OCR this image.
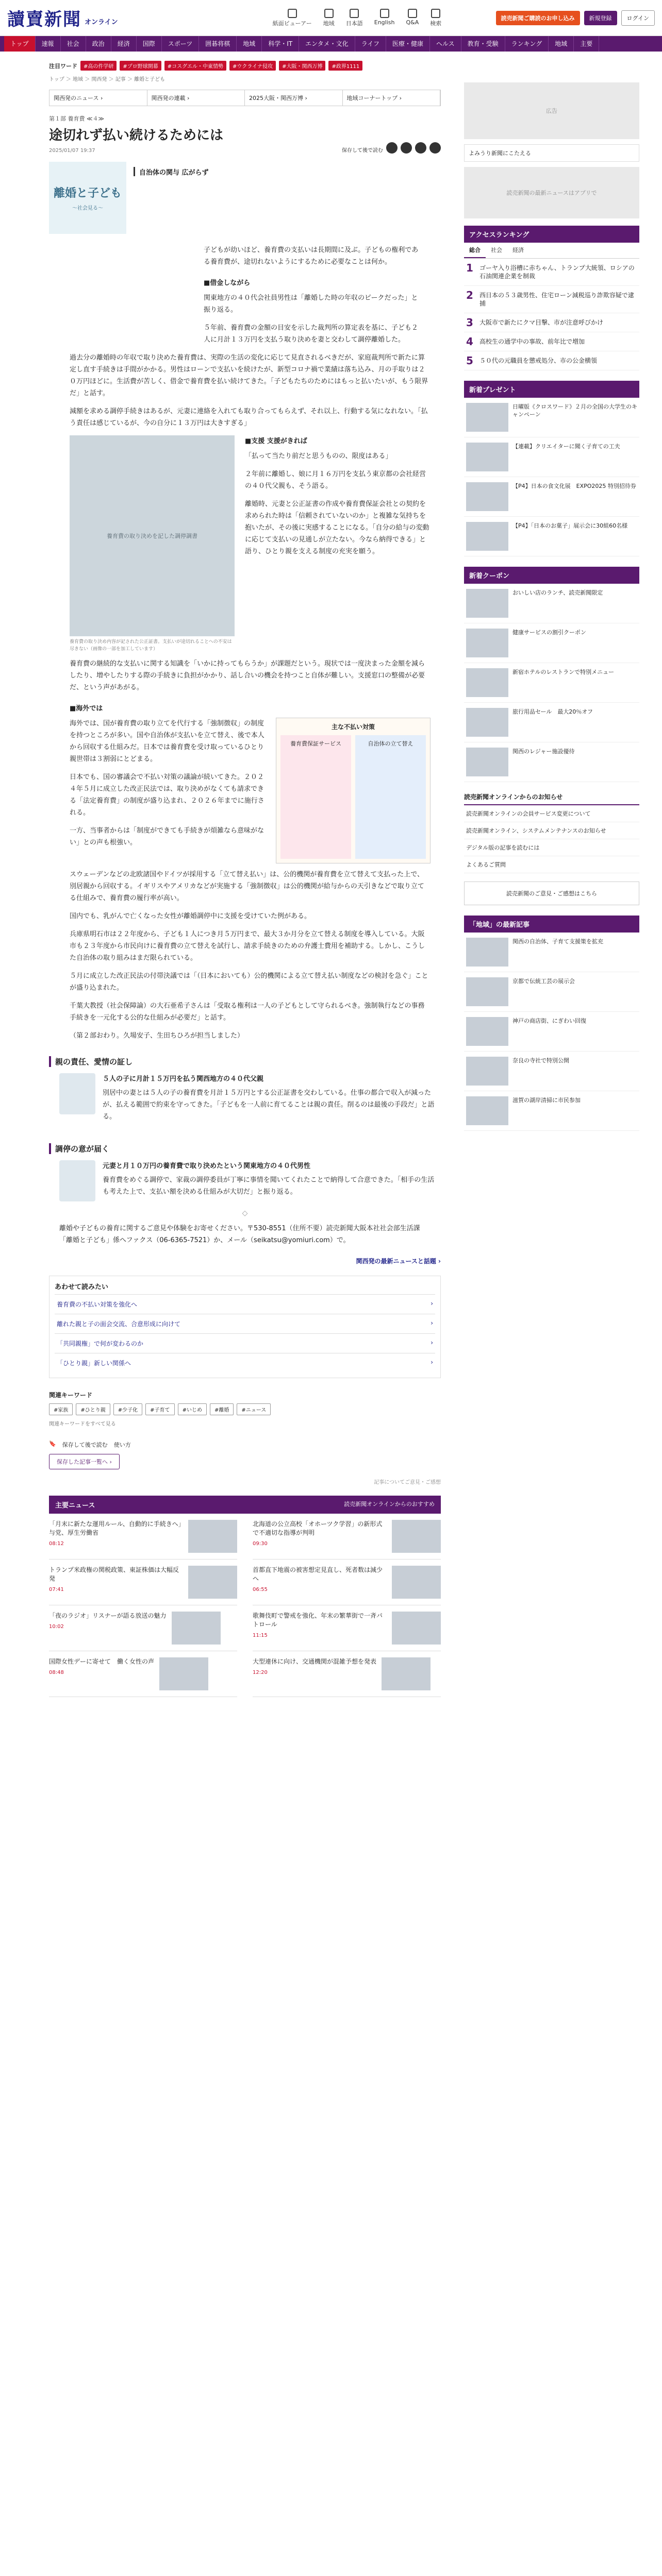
讀賣新聞 オンライン	紙面ビューアー 地域 日本語 English Q&A 検索
読売新聞ご購読のお申し込み	新規登録	ログイン
トップ	速報	社会	政治	経済	国際	スポーツ	囲碁将棋	地域	科学・IT	エンタメ・文化	ライフ	医療・健康	ヘルス	教育・受験	ランキング	地域	主要
注目ワード	#高の件学研	#プロ野球開幕	#コスグエル・中東情勢	#ウクライナ侵攻	#大阪・関西万博	#政界1111
トップ ＞ 地域 ＞ 関西発 ＞ 記事 ＞ 離婚と子ども
関西発のニュース ›	関西発の連載 ›	2025大阪・関西万博 ›	地域コーナートップ ›
第１部 養育費 ≪４≫
途切れず払い続けるためには
2025/01/07 19:37	保存して後で読む
離婚と子ども
～社会見る～
自治体の関与 広がらず

子どもが幼いほど、養育費の支払いは長期間に及ぶ。子どもの権利である養育費が、途切れないようにするために必要なことは何か。

■借金しながら

関東地方の４０代会社員男性は「離婚した時の年収のピークだった」と振り返る。

５年前、養育費の金額の目安を示した裁判所の算定表を基に、子ども２人に月計１３万円を支払う取り決めを妻と交わして調停離婚した。

過去分の離婚時の年収で取り決めた養育費は、実際の生活の変化に応じて見直されるべきだが、家庭裁判所で新たに算定し直す手続きは手間がかかる。男性はローンで支払いを続けたが、新型コロナ禍で業績は落ち込み、月の手取りは２０万円ほどに。生活費が苦しく、借金で養育費を払い続けてきた。「子どもたちのためにはもっと払いたいが、もう限界だ」と話す。

減額を求める調停手続きはあるが、元妻に連絡を入れても取り合ってもらえず、それ以上、行動する気になれない。「払う責任は感じているが、今の自分に１３万円は大きすぎる」

養育費の取り決めを記した調停調書
養育費の取り決め内容が記された公正証書。支払いが途切れることへの不安は尽きない（画像の一部を加工しています）
■支援 支援がきれば

「払って当たり前だと思うものの、限度はある」

２年前に離婚し、娘に月１６万円を支払う東京都の会社経営の４０代父親も、そう語る。

離婚時、元妻と公正証書の作成や養育費保証会社との契約を求められた時は「信頼されていないのか」と複雑な気持ちを抱いたが、その後に実感することになる。「自分の給与の変動に応じて支払いの見通しが立たない。今なら納得できる」と語り、ひとり親を支える制度の充実を願う。

養育費の継続的な支払いに関する知識を「いかに持ってもらうか」が課題だという。現状では一度決まった金額を減らしたり、増やしたりする際の手続きに負担がかかり、話し合いの機会を持つこと自体が難しい。支援窓口の整備が必要だ、という声があがる。

■海外では

海外では、国が養育費の取り立てを代行する「強制徴収」の制度を持つところが多い。国や自治体が支払いを立て替え、後で本人から回収する仕組みだ。日本では養育費を受け取っているひとり親世帯は３割弱にとどまる。

日本でも、国の審議会で不払い対策の議論が続いてきた。２０２４年５月に成立した改正民法では、取り決めがなくても請求できる「法定養育費」の制度が盛り込まれ、２０２６年までに施行される。

一方、当事者からは「制度ができても手続きが煩雑なら意味がない」との声も根強い。

主な不払い対策
養育費保証サービス	自治体の立て替え

スウェーデンなどの北欧諸国やドイツが採用する「立て替え払い」は、公的機関が養育費を立て替えて支払った上で、別居親から回収する。イギリスやアメリカなどが実施する「強制徴収」は公的機関が給与からの天引きなどで取り立てる仕組みで、養育費の履行率が高い。

国内でも、乳がんで亡くなった女性が離婚調停中に支援を受けていた例がある。

兵庫県明石市は２２年度から、子ども１人につき月５万円まで、最大３か月分を立て替える制度を導入している。大阪市も２３年度から市民向けに養育費の立て替えを試行し、請求手続きのための弁護士費用を補助する。しかし、こうした自治体の取り組みはまだ限られている。

５月に成立した改正民法の付帯決議では「（日本においても）公的機関による立て替え払い制度などの検討を急ぐ」ことが盛り込まれた。

千葉大教授（社会保障論）の大石亜希子さんは「受取る権利は一人の子どもとして守られるべき。強制執行などの事務手続きを一元化する公的な仕組みが必要だ」と話す。

（第２部おわり。久場安子、生田ちひろが担当しました）

親の責任、愛情の証し
５人の子に月計１５万円を払う関西地方の４０代父親

別居中の妻とは５人の子の養育費を月計１５万円とする公正証書を交わしている。仕事の都合で収入が減ったが、払える範囲で約束を守ってきた。「子どもを一人前に育てることは親の責任。削るのは最後の手段だ」と語る。

調停の意が届く
元妻と月１０万円の養育費で取り決めたという関東地方の４０代男性

養育費をめぐる調停で、家裁の調停委員が丁寧に事情を聞いてくれたことで納得して合意できた。「相手の生活も考えた上で、支払い額を決める仕組みが大切だ」と振り返る。

◇

離婚や子どもの養育に関するご意見や体験をお寄せください。〒530-8551（住所不要）読売新聞大阪本社社会部生活課「離婚と子ども」係へファクス（06-6365-7521）か、メール（seikatsu@yomiuri.com）で。

関西発の最新ニュースと話題 ›
あわせて読みたい
養育費の不払い対策を強化へ	›
離れた親と子の面会交流、合意形成に向けて	›
「共同親権」で何が変わるのか	›
「ひとり親」新しい関係へ	›
関連キーワード
#家族	#ひとり親	#少子化	#子育て	#いじめ	#離婚	#ニュース
関連キーワードをすべて見る
🔖 保存して後で読む 使い方
保存した記事一覧へ ›
記事についてご意見・ご感想
主要ニュース	読売新聞オンラインからのおすすめ
「月末に新たな運用ルール、自動的に手続きへ」　与党、厚生労働省
08:12
北海道の公立高校「オホーツク学習」の新形式で不適切な指導が判明
09:30
トランプ米政権の関税政策、東証株価は大幅反発
07:41
首都直下地震の被害想定見直し、死者数は減少へ
06:55
「夜のラジオ」リスナーが語る放送の魅力
10:02
歌舞伎町で警戒を強化、年末の繁華街で一斉パトロール
11:15
国際女性デーに寄せて　働く女性の声
08:48
大型連休に向け、交通機関が混雑予想を発表
12:20
広告
よみうり新聞にこたえる
読売新聞の最新ニュースはアプリで
アクセスランキング
総合	社会	経済
1	ゴーヤ入り浴槽に赤ちゃん、トランプ大統領、ロシアの石油関連企業を制裁
2	西日本の５３歳男性、住宅ローン減税巡り詐欺容疑で逮捕
3	大阪市で新たにクマ目撃、市が注意呼びかけ
4	高校生の通学中の事故、前年比で増加
5	５０代の元職員を懲戒処分、市の公金横領
新着プレゼント
日曜版《クロスワード》２月の全国の大学生のキャンペーン
【連載】クリエイターに聞く子育ての工夫
【P4】日本の食文化展　EXPO2025 特別招待券
【P4】「日本のお菓子」展示会に30組60名様
新着クーポン
おいしい店のランチ、読売新聞限定
健康サービスの割引クーポン
新宿ホテルのレストランで特別メニュー
旅行用品セール　最大20％オフ
関西のレジャー施設優待
読売新聞オンラインからのお知らせ
読売新聞オンラインの会員サービス変更について
読売新聞オンライン、システムメンテナンスのお知らせ
デジタル版の記事を読むには
よくあるご質問
読売新聞のご意見・ご感想はこちら
「地域」の最新記事
関西の自治体、子育て支援策を拡充
京都で伝統工芸の展示会
神戸の商店街、にぎわい回復
奈良の寺社で特別公開
滋賀の湖岸清掃に市民参加
